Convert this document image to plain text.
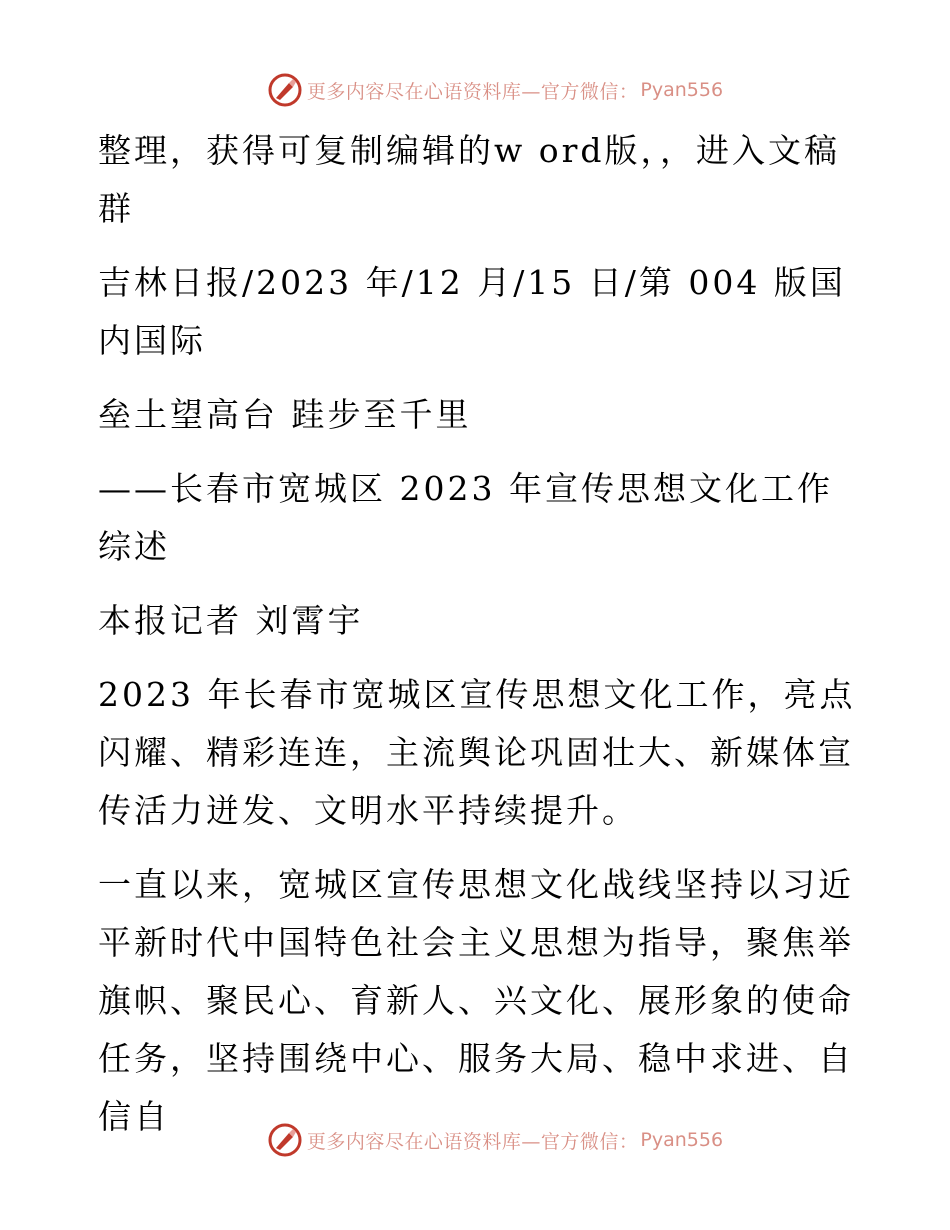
更多内容尽在心语资料库—官方微信： Pyan556

整理，获得可复制编辑的w ord版，，进入文稿群

吉林日报/2023 年/12 月/15 日/第 004 版国内国际

垒土望高台 跬步至千里

——长春市宽城区 2023 年宣传思想文化工作综述

本报记者 刘霄宇

2023 年长春市宽城区宣传思想文化工作，亮点闪耀、精彩连连，主流舆论巩固壮大、新媒体宣传活力迸发、文明水平持续提升。

一直以来，宽城区宣传思想文化战线坚持以习近平新时代中国特色社会主义思想为指导，聚焦举旗帜、聚民心、育新人、兴文化、展形象的使命任务，坚持围绕中心、服务大局、稳中求进、自信自

更多内容尽在心语资料库—官方微信： Pyan556
